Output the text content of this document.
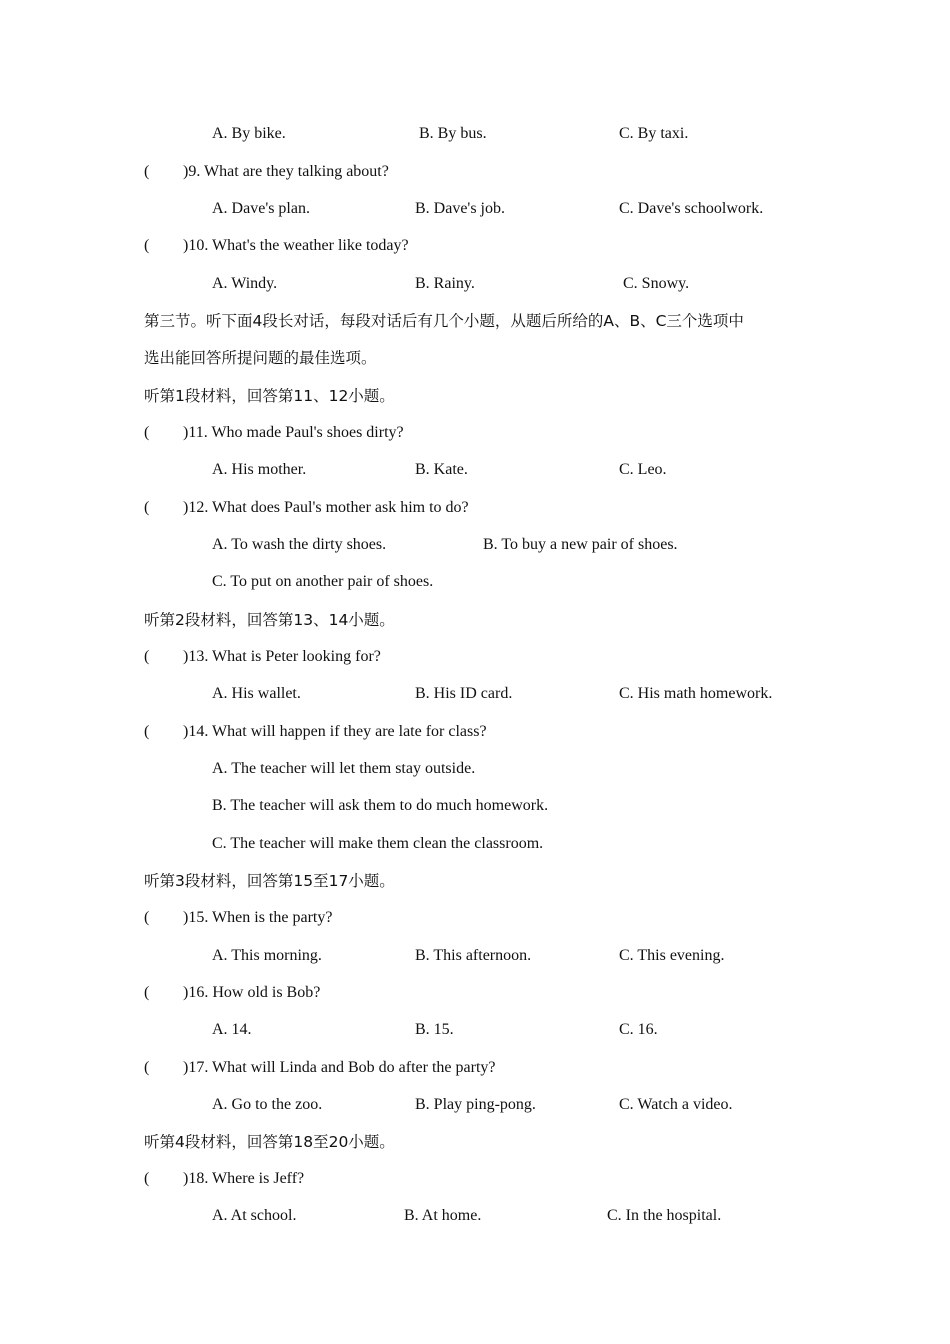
A. By bike.	B. By bus.	C. By taxi.
( )9. What are they talking about?
A. Dave's plan.	B. Dave's job.	C. Dave's schoolwork.
( )10. What's the weather like today?
A. Windy.	B. Rainy.	C. Snowy.
第三节。听下面4段长对话，每段对话后有几个小题，从题后所给的A、B、C三个选项中
选出能回答所提问题的最佳选项。
听第1段材料，回答第11、12小题。
( )11. Who made Paul's shoes dirty?
A. His mother.	B. Kate.	C. Leo.
( )12. What does Paul's mother ask him to do?
A. To wash the dirty shoes.	B. To buy a new pair of shoes.
C. To put on another pair of shoes.
听第2段材料，回答第13、14小题。
( )13. What is Peter looking for?
A. His wallet.	B. His ID card.	C. His math homework.
( )14. What will happen if they are late for class?
A. The teacher will let them stay outside.
B. The teacher will ask them to do much homework.
C. The teacher will make them clean the classroom.
听第3段材料，回答第15至17小题。
( )15. When is the party?
A. This morning.	B. This afternoon.	C. This evening.
( )16. How old is Bob?
A. 14.	B. 15.	C. 16.
( )17. What will Linda and Bob do after the party?
A. Go to the zoo.	B. Play ping-pong.	C. Watch a video.
听第4段材料，回答第18至20小题。
( )18. Where is Jeff?
A. At school.	B. At home.	C. In the hospital.
